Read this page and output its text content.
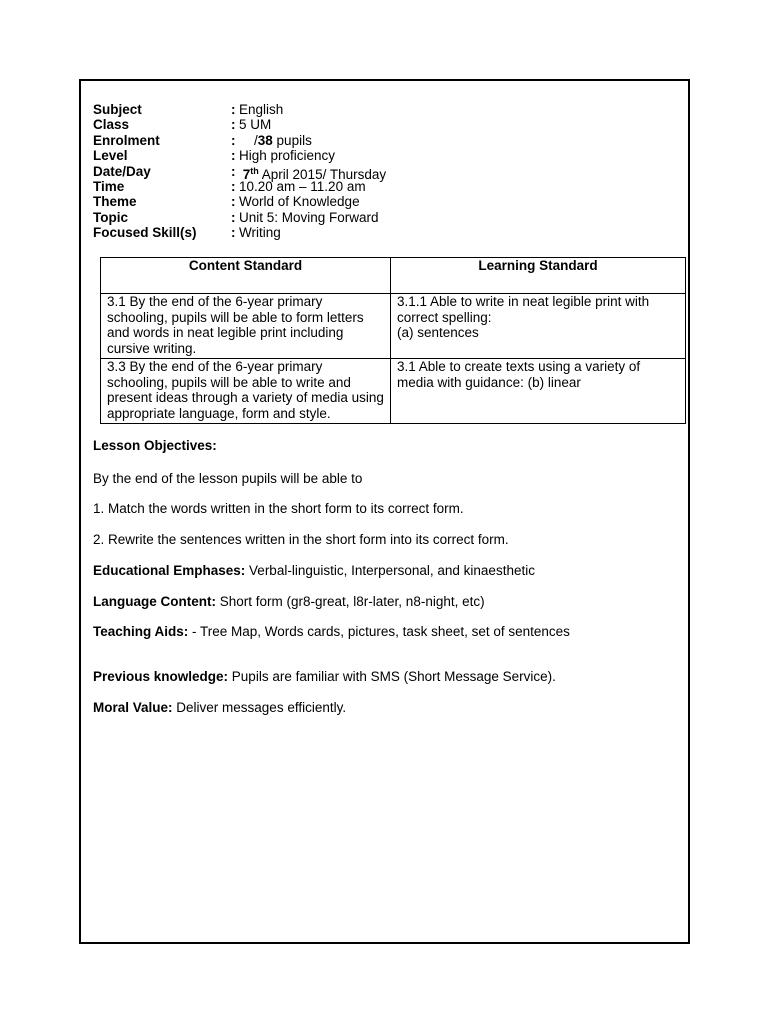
Subject	: English
Class	: 5 UM
Enrolment	: /38 pupils
Level	: High proficiency
Date/Day	: 7th April 2015/ Thursday
Time	: 10.20 am – 11.20 am
Theme	: World of Knowledge
Topic	: Unit 5: Moving Forward
Focused Skill(s)	: Writing
Content Standard	Learning Standard
3.1 By the end of the 6-year primary schooling, pupils will be able to form letters and words in neat legible print including cursive writing.	3.1.1 Able to write in neat legible print with correct spelling:
(a) sentences

3.3 By the end of the 6-year primary schooling, pupils will be able to write and present ideas through a variety of media using appropriate language, form and style.	3.1 Able to create texts using a variety of media with guidance: (b) linear

Lesson Objectives:

By the end of the lesson pupils will be able to

1. Match the words written in the short form to its correct form.

2. Rewrite the sentences written in the short form into its correct form.

Educational Emphases: Verbal-linguistic, Interpersonal, and kinaesthetic

Language Content: Short form (gr8-great, l8r-later, n8-night, etc)

Teaching Aids: - Tree Map, Words cards, pictures, task sheet, set of sentences

Previous knowledge: Pupils are familiar with SMS (Short Message Service).

Moral Value: Deliver messages efficiently.
